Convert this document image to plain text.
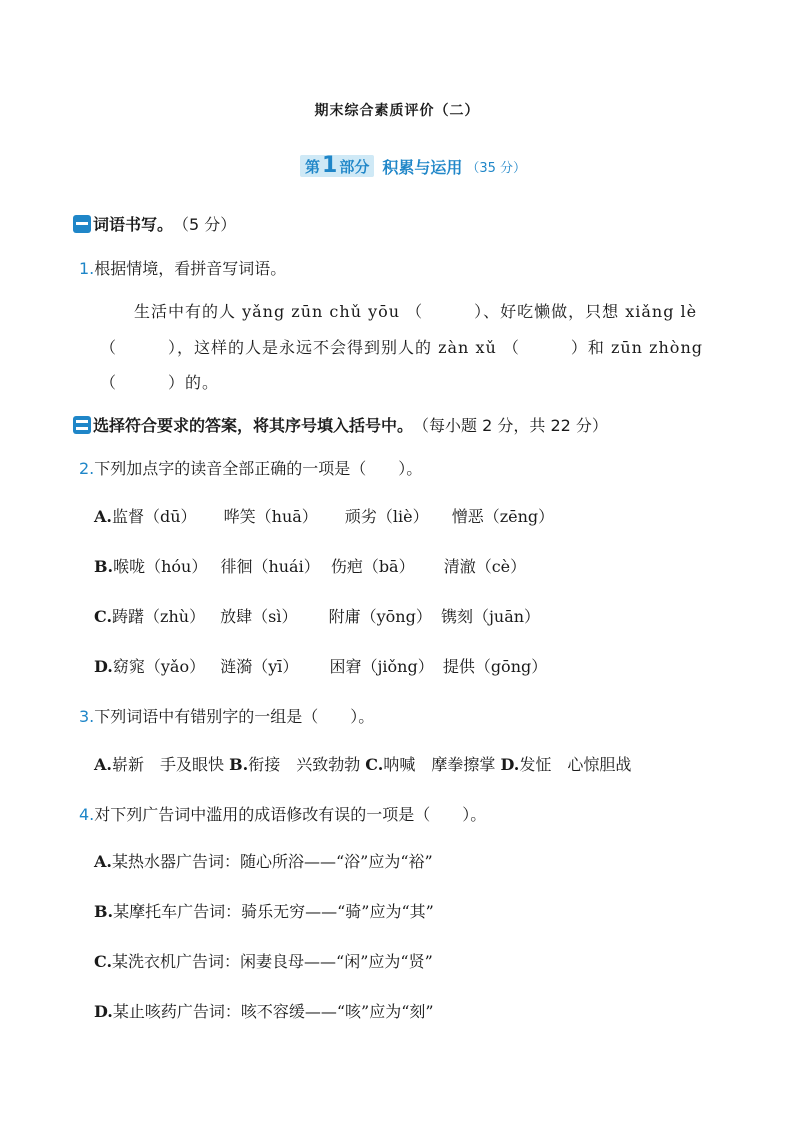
期末综合素质评价（二）
第 1 部分 积累与运用 （35 分）
词语书写。 （5 分）
1.根据情境，看拼音写词语。
生活中有的人 yǎng zūn chǔ yōu （　　　）、好吃懒做，只想 xiǎng lè
（　　　），这样的人是永远不会得到别人的 zàn xǔ （　　　）和 zūn zhòng
（　　　）的。
选择符合要求的答案，将其序号填入括号中。 （每小题 2 分，共 22 分）
2.下列加点字的读音全部正确的一项是（　　）。
A.监督（dū） 哗笑（huā） 顽劣（liè） 憎恶（zēng）
B.喉咙（hóu） 徘徊（huái） 伤疤（bā） 清澈（cè）
C.踌躇（zhù） 放肆（sì） 附庸（yōng） 镌刻（juān）
D.窈窕（yǎo） 涟漪（yī） 困窘（jiǒng） 提供（gōng）
3.下列词语中有错别字的一组是（　　）。
A.崭新　手及眼快 B.衔接　兴致勃勃 C.呐喊　摩拳擦掌 D.发怔　心惊胆战
4.对下列广告词中滥用的成语修改有误的一项是（　　）。
A.某热水器广告词：随心所浴——“浴”应为“裕”
B.某摩托车广告词：骑乐无穷——“骑”应为“其”
C.某洗衣机广告词：闲妻良母——“闲”应为“贤”
D.某止咳药广告词：咳不容缓——“咳”应为“刻”
